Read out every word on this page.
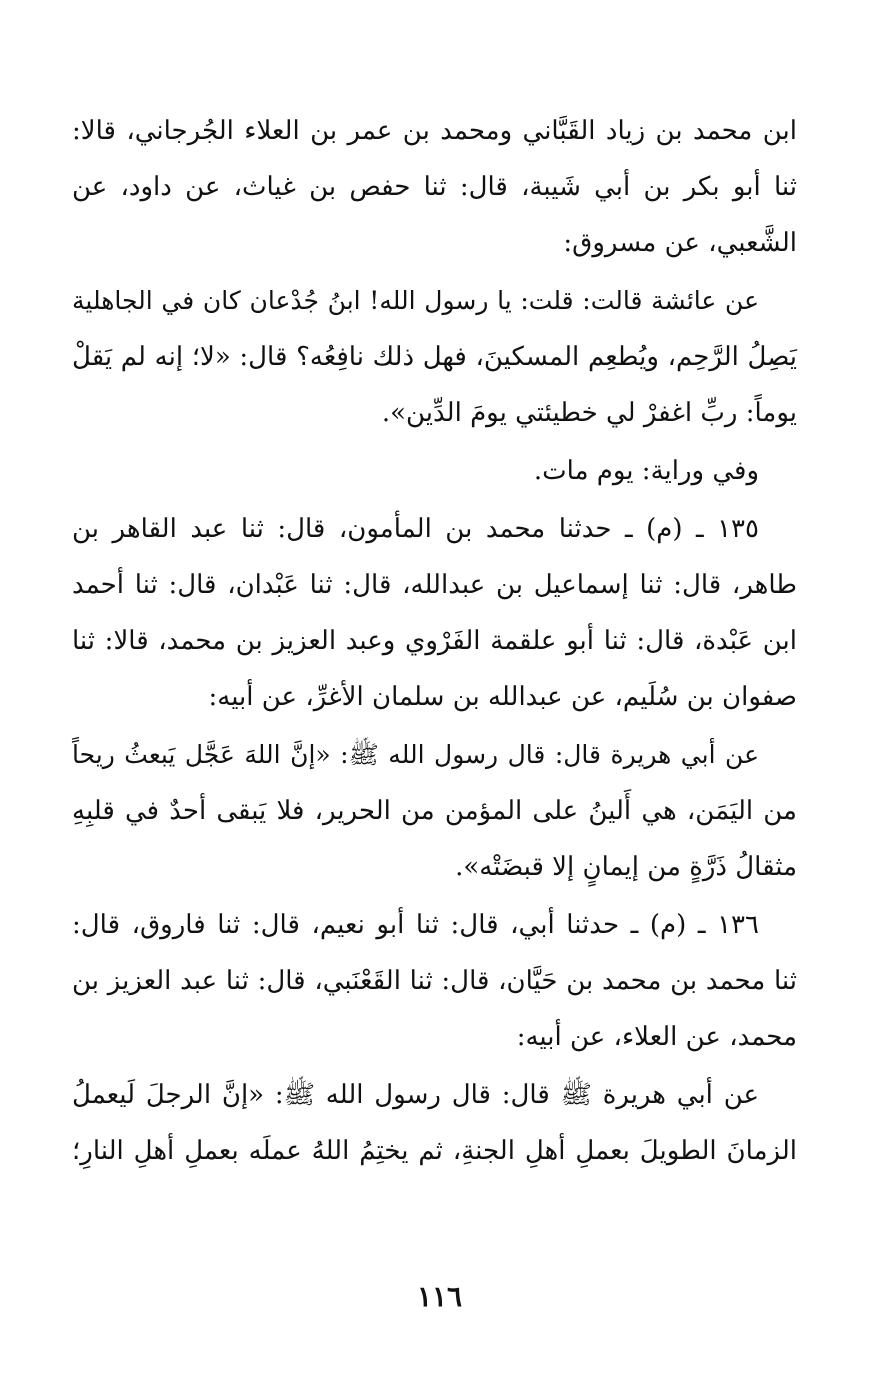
ابن محمد بن زياد القَبَّاني ومحمد بن عمر بن العلاء الجُرجاني، قالا:
ثنا أبو بكر بن أبي شَيبة، قال: ثنا حفص بن غياث، عن داود، عن
الشَّعبي، عن مسروق:
عن عائشة قالت: قلت: يا رسول الله! ابنُ جُدْعان كان في الجاهلية
يَصِلُ الرَّحِم، ويُطعِم المسكينَ، فهل ذلك نافِعُه؟ قال: «لا؛ إنه لم يَقلْ
يوماً: ربِّ اغفرْ لي خطيئتي يومَ الدِّين».
وفي وراية: يوم مات.
١٣٥ ـ (م) ـ حدثنا محمد بن المأمون، قال: ثنا عبد القاهر بن
طاهر، قال: ثنا إسماعيل بن عبدالله، قال: ثنا عَبْدان، قال: ثنا أحمد
ابن عَبْدة، قال: ثنا أبو علقمة الفَرْوي وعبد العزيز بن محمد، قالا: ثنا
صفوان بن سُلَيم، عن عبدالله بن سلمان الأغرِّ، عن أبيه:
عن أبي هريرة قال: قال رسول الله ﷺ: «إنَّ اللهَ عَجَّل يَبعثُ ريحاً
من اليَمَن، هي أَلينُ على المؤمن من الحرير، فلا يَبقى أحدٌ في قلبِهِ
مثقالُ ذَرَّةٍ من إيمانٍ إلا قبضَتْه».
١٣٦ ـ (م) ـ حدثنا أبي، قال: ثنا أبو نعيم، قال: ثنا فاروق، قال:
ثنا محمد بن محمد بن حَيَّان، قال: ثنا القَعْنَبي، قال: ثنا عبد العزيز بن
محمد، عن العلاء، عن أبيه:
عن أبي هريرة ﷺ قال: قال رسول الله ﷺ: «إنَّ الرجلَ لَيعملُ
الزمانَ الطويلَ بعملِ أهلِ الجنةِ، ثم يختِمُ اللهُ عملَه بعملِ أهلِ النارِ؛
١١٦
